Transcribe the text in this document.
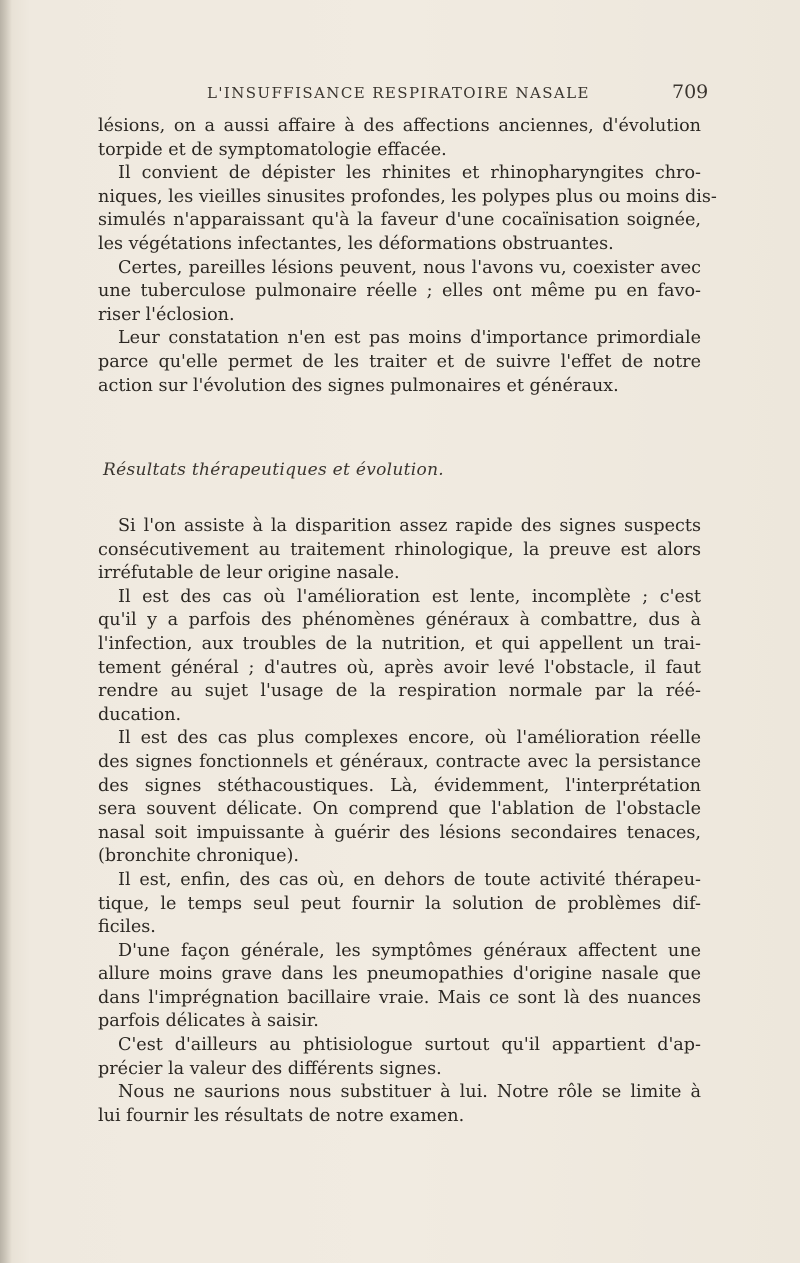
L'INSUFFISANCE RESPIRATOIRE NASALE	709
lésions, on a aussi affaire à des affections anciennes, d'évolution
torpide et de symptomatologie effacée.
Il convient de dépister les rhinites et rhinopharyngites chro-
niques, les vieilles sinusites profondes, les polypes plus ou moins dis-
simulés n'apparaissant qu'à la faveur d'une cocaïnisation soignée,
les végétations infectantes, les déformations obstruantes.
Certes, pareilles lésions peuvent, nous l'avons vu, coexister avec
une tuberculose pulmonaire réelle ; elles ont même pu en favo-
riser l'éclosion.
Leur constatation n'en est pas moins d'importance primordiale
parce qu'elle permet de les traiter et de suivre l'effet de notre
action sur l'évolution des signes pulmonaires et généraux.
Résultats thérapeutiques et évolution.
Si l'on assiste à la disparition assez rapide des signes suspects
consécutivement au traitement rhinologique, la preuve est alors
irréfutable de leur origine nasale.
Il est des cas où l'amélioration est lente, incomplète ; c'est
qu'il y a parfois des phénomènes généraux à combattre, dus à
l'infection, aux troubles de la nutrition, et qui appellent un trai-
tement général ; d'autres où, après avoir levé l'obstacle, il faut
rendre au sujet l'usage de la respiration normale par la réé-
ducation.
Il est des cas plus complexes encore, où l'amélioration réelle
des signes fonctionnels et généraux, contracte avec la persistance
des signes stéthacoustiques. Là, évidemment, l'interprétation
sera souvent délicate. On comprend que l'ablation de l'obstacle
nasal soit impuissante à guérir des lésions secondaires tenaces,
(bronchite chronique).
Il est, enfin, des cas où, en dehors de toute activité thérapeu-
tique, le temps seul peut fournir la solution de problèmes dif-
ficiles.
D'une façon générale, les symptômes généraux affectent une
allure moins grave dans les pneumopathies d'origine nasale que
dans l'imprégnation bacillaire vraie. Mais ce sont là des nuances
parfois délicates à saisir.
C'est d'ailleurs au phtisiologue surtout qu'il appartient d'ap-
précier la valeur des différents signes.
Nous ne saurions nous substituer à lui. Notre rôle se limite à
lui fournir les résultats de notre examen.
